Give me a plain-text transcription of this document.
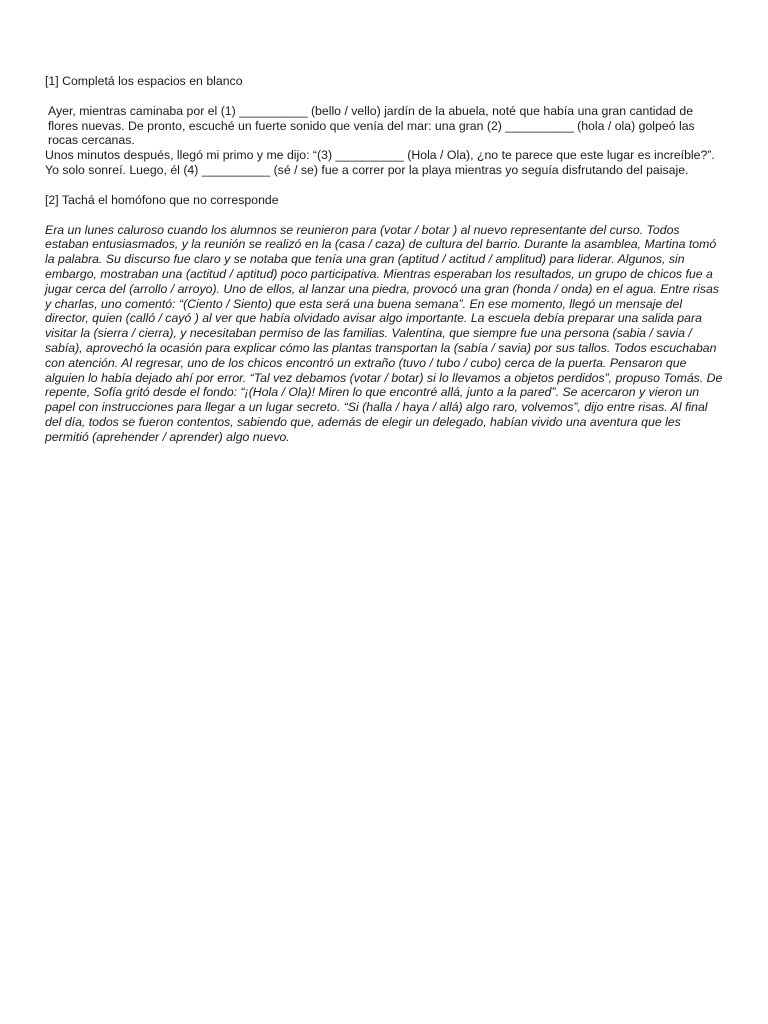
[1] Completá los espacios en blanco

Ayer, mientras caminaba por el (1) __________ (bello / vello) jardín de la abuela, noté que había una gran cantidad de flores nuevas. De pronto, escuché un fuerte sonido que venía del mar: una gran (2) __________ (hola / ola) golpeó las rocas cercanas.

Unos minutos después, llegó mi primo y me dijo: “(3) __________ (Hola / Ola), ¿no te parece que este lugar es increíble?”. Yo solo sonreí. Luego, él (4) __________ (sé / se) fue a correr por la playa mientras yo seguía disfrutando del paisaje.

[2] Tachá el homófono que no corresponde

Era un lunes caluroso cuando los alumnos se reunieron para (votar / botar ) al nuevo representante del curso. Todos estaban entusiasmados, y la reunión se realizó en la (casa / caza) de cultura del barrio. Durante la asamblea, Martina tomó la palabra. Su discurso fue claro y se notaba que tenía una gran (aptitud / actitud / amplitud) para liderar. Algunos, sin embargo, mostraban una (actitud / aptitud) poco participativa. Mientras esperaban los resultados, un grupo de chicos fue a jugar cerca del (arrollo / arroyo). Uno de ellos, al lanzar una piedra, provocó una gran (honda / onda) en el agua. Entre risas y charlas, uno comentó: “(Ciento / Siento) que esta será una buena semana”. En ese momento, llegó un mensaje del director, quien (calló / cayó ) al ver que había olvidado avisar algo importante. La escuela debía preparar una salida para visitar la (sierra / cierra), y necesitaban permiso de las familias. Valentina, que siempre fue una persona (sabia / savia / sabía), aprovechó la ocasión para explicar cómo las plantas transportan la (sabía / savia) por sus tallos. Todos escuchaban con atención. Al regresar, uno de los chicos encontró un extraño (tuvo / tubo / cubo) cerca de la puerta. Pensaron que alguien lo había dejado ahí por error. “Tal vez debamos (votar / botar) si lo llevamos a objetos perdidos”, propuso Tomás. De repente, Sofía gritó desde el fondo: “¡(Hola / Ola)! Miren lo que encontré allá, junto a la pared”. Se acercaron y vieron un papel con instrucciones para llegar a un lugar secreto. “Si (halla / haya / allá) algo raro, volvemos”, dijo entre risas. Al final del día, todos se fueron contentos, sabiendo que, además de elegir un delegado, habían vivido una aventura que les permitió (aprehender / aprender) algo nuevo.
